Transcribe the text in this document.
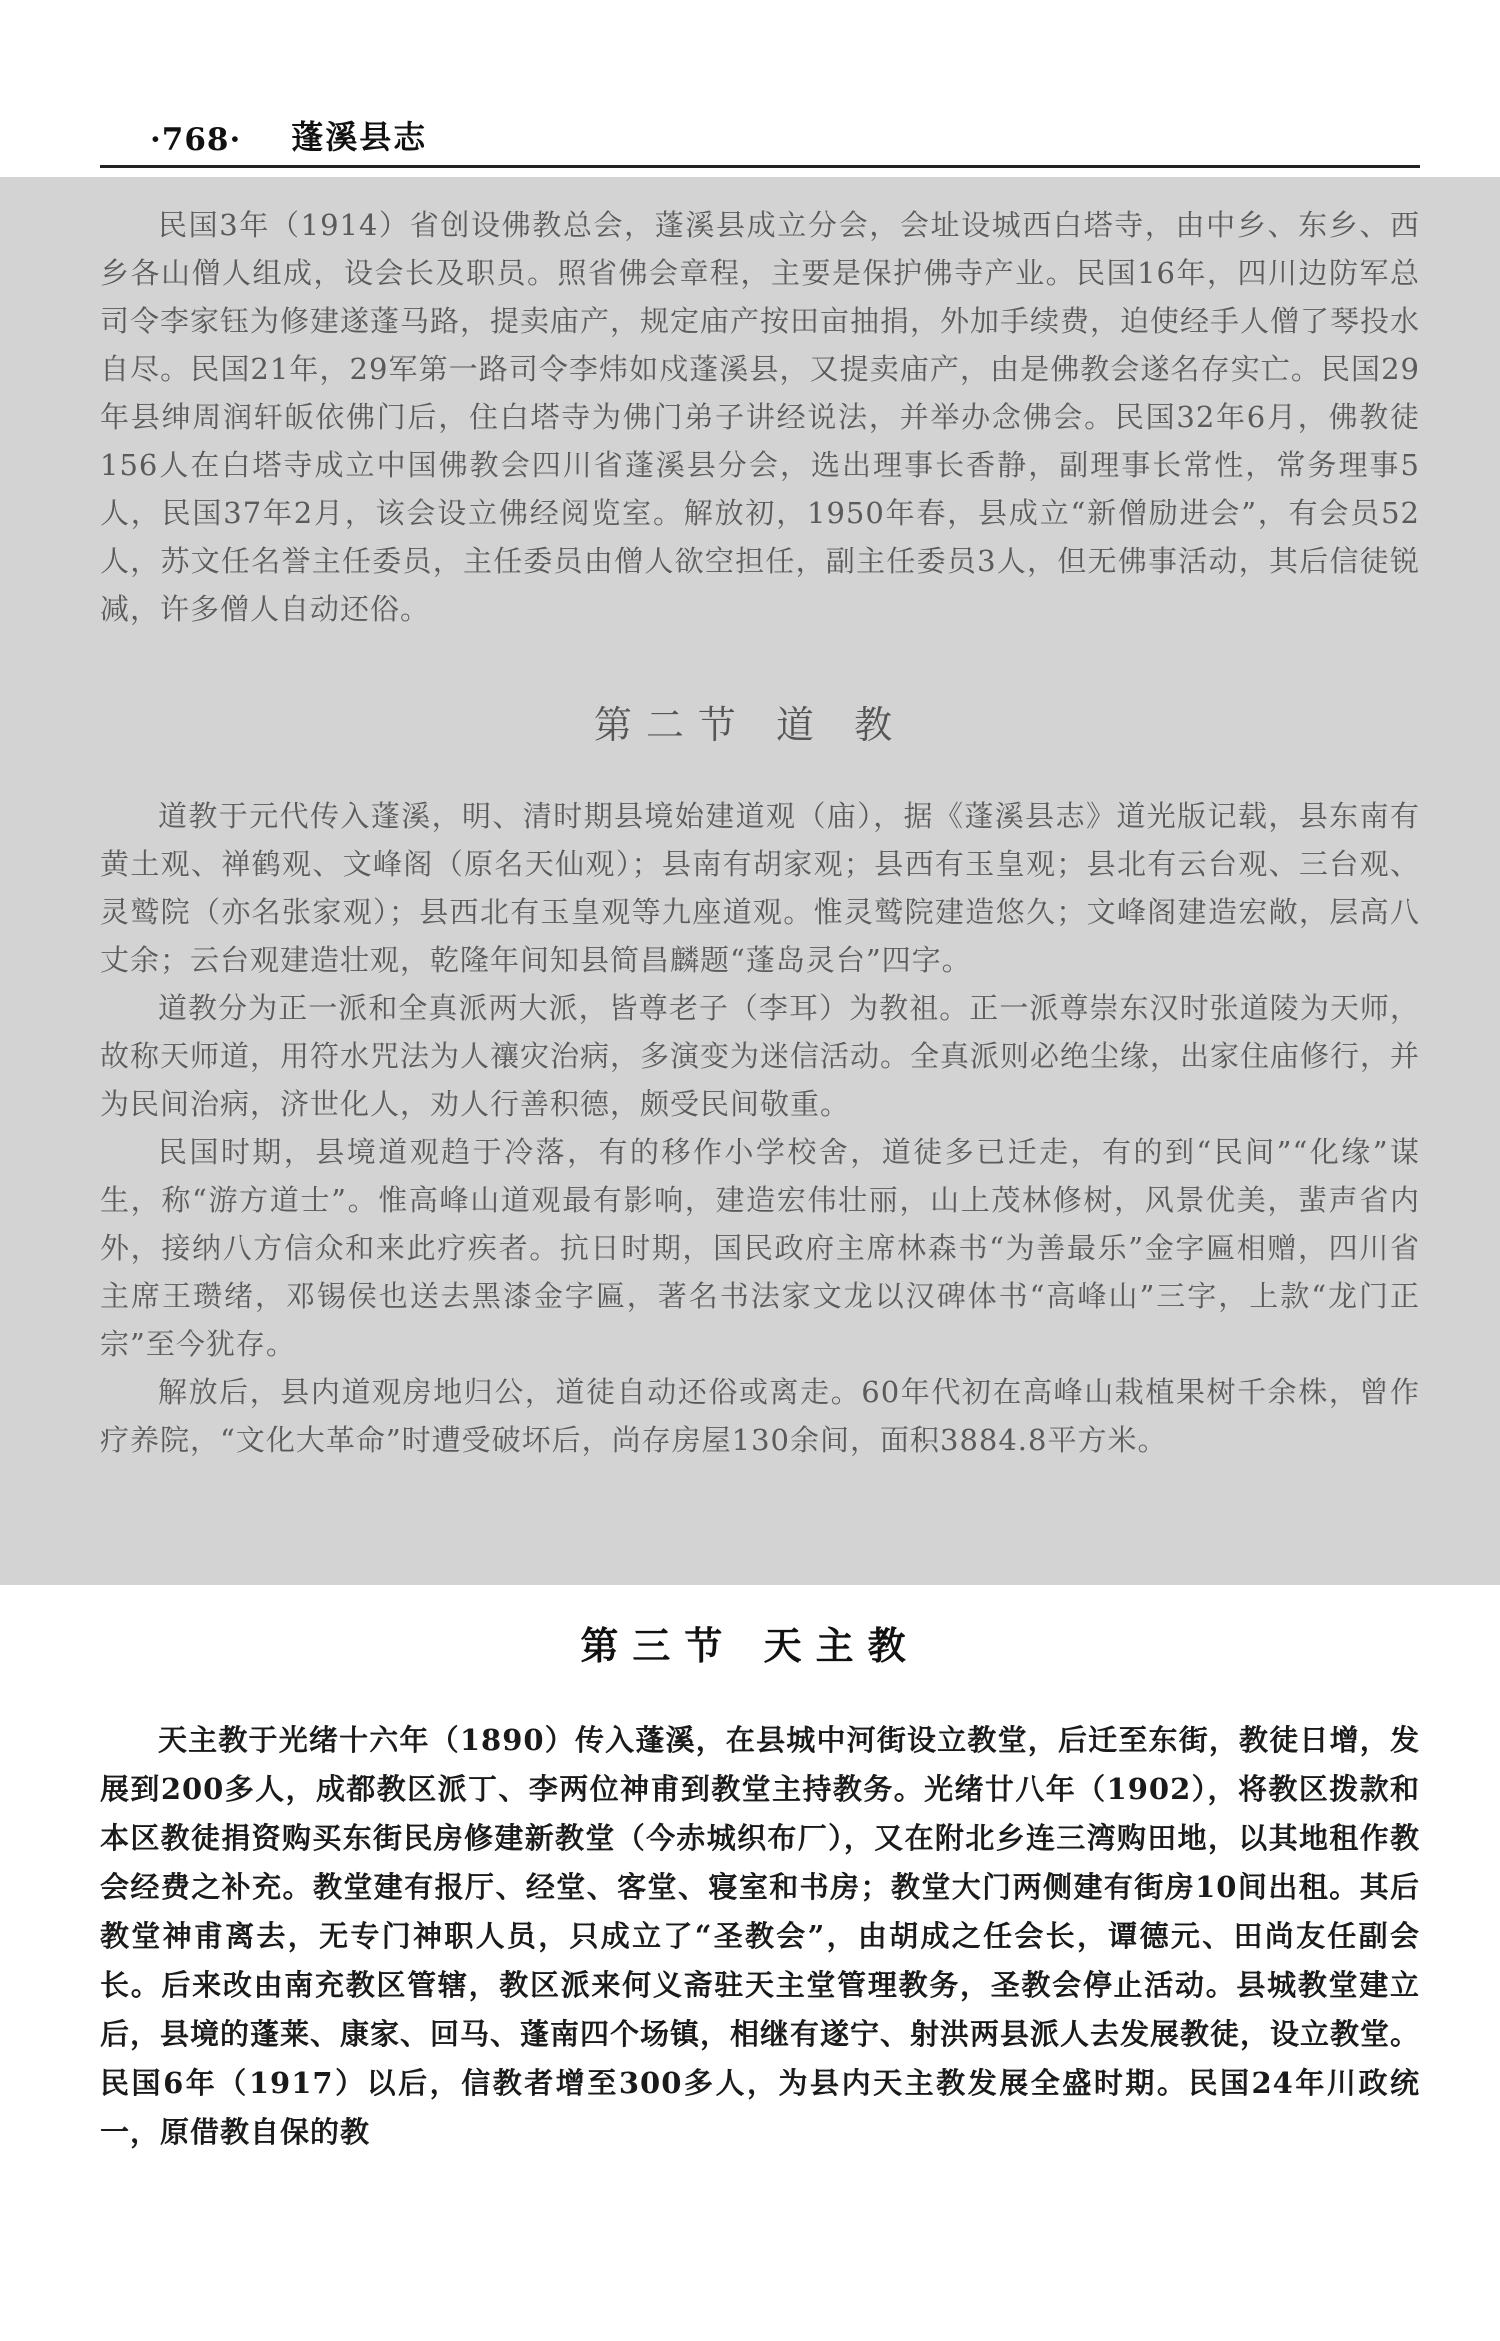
·768· 蓬溪县志

民国3年（1914）省创设佛教总会，蓬溪县成立分会，会址设城西白塔寺，由中乡、东乡、西乡各山僧人组成，设会长及职员。照省佛会章程，主要是保护佛寺产业。民国16年，四川边防军总司令李家钰为修建遂蓬马路，提卖庙产，规定庙产按田亩抽捐，外加手续费，迫使经手人僧了琴投水自尽。民国21年，29军第一路司令李炜如戍蓬溪县，又提卖庙产，由是佛教会遂名存实亡。民国29年县绅周润轩皈依佛门后，住白塔寺为佛门弟子讲经说法，并举办念佛会。民国32年6月，佛教徒156人在白塔寺成立中国佛教会四川省蓬溪县分会，选出理事长香静，副理事长常性，常务理事5人，民国37年2月，该会设立佛经阅览室。解放初，1950年春，县成立“新僧励进会”，有会员52人，苏文任名誉主任委员，主任委员由僧人欲空担任，副主任委员3人，但无佛事活动，其后信徒锐减，许多僧人自动还俗。

第二节 道 教

道教于元代传入蓬溪，明、清时期县境始建道观（庙），据《蓬溪县志》道光版记载，县东南有黄土观、禅鹤观、文峰阁（原名天仙观）；县南有胡家观；县西有玉皇观；县北有云台观、三台观、灵鹫院（亦名张家观）；县西北有玉皇观等九座道观。惟灵鹫院建造悠久；文峰阁建造宏敞，层高八丈余；云台观建造壮观，乾隆年间知县简昌麟题“蓬岛灵台”四字。

道教分为正一派和全真派两大派，皆尊老子（李耳）为教祖。正一派尊崇东汉时张道陵为天师，故称天师道，用符水咒法为人禳灾治病，多演变为迷信活动。全真派则必绝尘缘，出家住庙修行，并为民间治病，济世化人，劝人行善积德，颇受民间敬重。

民国时期，县境道观趋于冷落，有的移作小学校舍，道徒多已迁走，有的到“民间”“化缘”谋生，称“游方道士”。惟高峰山道观最有影响，建造宏伟壮丽，山上茂林修树，风景优美，蜚声省内外，接纳八方信众和来此疗疾者。抗日时期，国民政府主席林森书“为善最乐”金字匾相赠，四川省主席王瓒绪，邓锡侯也送去黑漆金字匾，著名书法家文龙以汉碑体书“高峰山”三字，上款“龙门正宗”至今犹存。

解放后，县内道观房地归公，道徒自动还俗或离走。60年代初在高峰山栽植果树千余株，曾作疗养院，“文化大革命”时遭受破坏后，尚存房屋130余间，面积3884.8平方米。

第三节 天主教

天主教于光绪十六年（1890）传入蓬溪，在县城中河街设立教堂，后迁至东街，教徒日增，发展到200多人，成都教区派丁、李两位神甫到教堂主持教务。光绪廿八年（1902），将教区拨款和本区教徒捐资购买东街民房修建新教堂（今赤城织布厂），又在附北乡连三湾购田地，以其地租作教会经费之补充。教堂建有报厅、经堂、客堂、寝室和书房；教堂大门两侧建有街房10间出租。其后教堂神甫离去，无专门神职人员，只成立了“圣教会”，由胡成之任会长，谭德元、田尚友任副会长。后来改由南充教区管辖，教区派来何义斋驻天主堂管理教务，圣教会停止活动。县城教堂建立后，县境的蓬莱、康家、回马、蓬南四个场镇，相继有遂宁、射洪两县派人去发展教徒，设立教堂。民国6年（1917）以后，信教者增至300多人，为县内天主教发展全盛时期。民国24年川政统一，原借教自保的教
